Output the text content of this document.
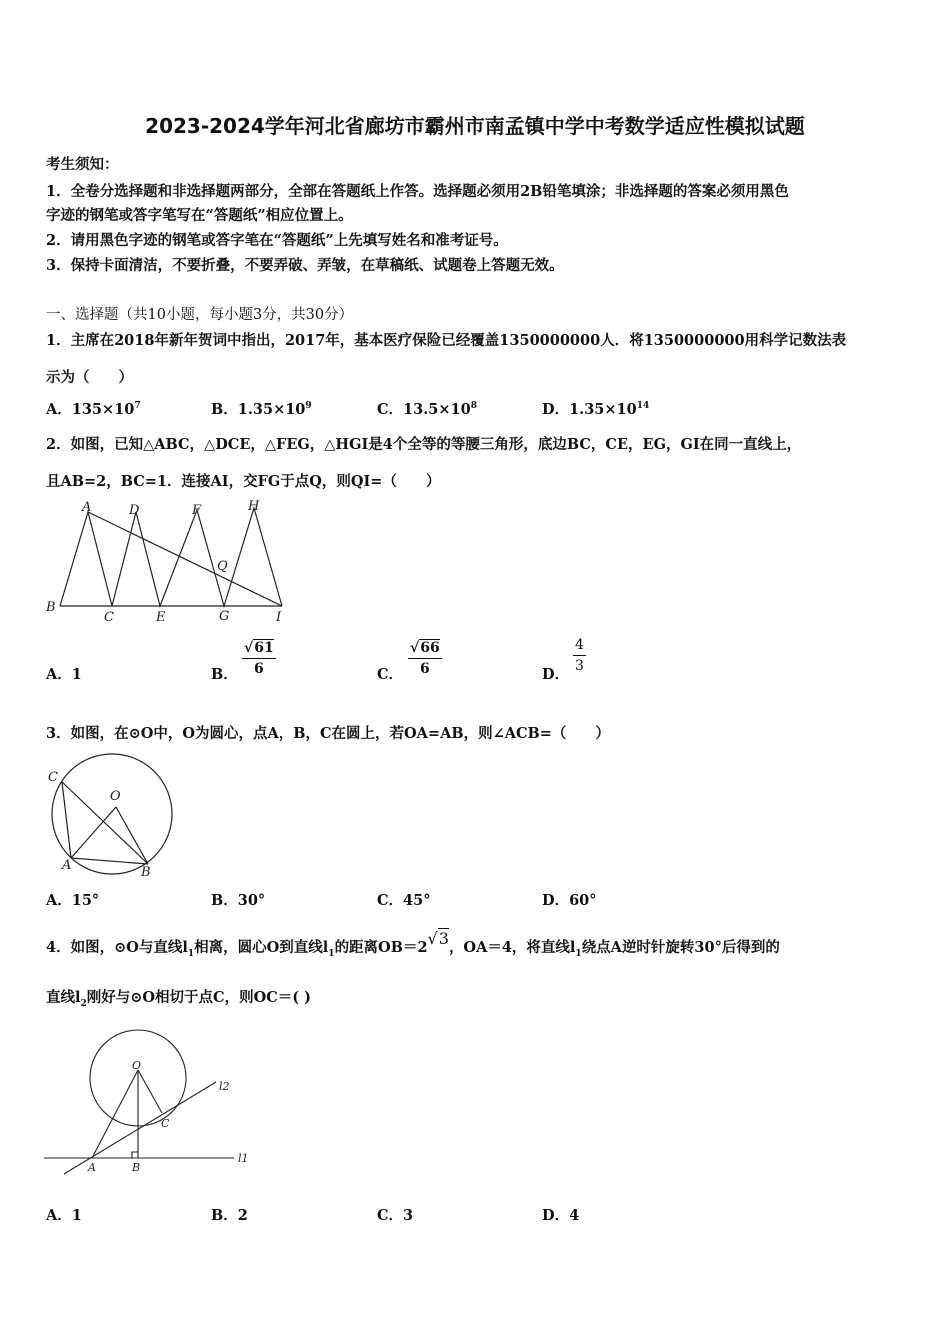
2023-2024学年河北省廊坊市霸州市南孟镇中学中考数学适应性模拟试题
考生须知：
1．全卷分选择题和非选择题两部分，全部在答题纸上作答。选择题必须用2B铅笔填涂；非选择题的答案必须用黑色
字迹的钢笔或答字笔写在“答题纸”相应位置上。
2．请用黑色字迹的钢笔或答字笔在“答题纸”上先填写姓名和准考证号。
3．保持卡面清洁，不要折叠，不要弄破、弄皱，在草稿纸、试题卷上答题无效。
一、选择题（共10小题，每小题3分，共30分）
1．主席在2018年新年贺词中指出，2017年，基本医疗保险已经覆盖1350000000人．将1350000000用科学记数法表
示为（　　）
A．$135\times 10^7$	B．$1.35\times 10^9$	C．$13.5\times 10^8$	D．$1.35\times 10^{14}$
2．如图，已知△ABC，△DCE，△FEG，△HGI是4个全等的等腰三角形，底边BC，CE，EG，GI在同一直线上，
且AB=2，BC=1．连接AI，交FG于点Q，则QI=（　　）
A	D	F	H
Q
B
C	E	G	I
A．1	B．
√61
6	C．
√66
6	D．
4
3
3．如图，在⊙O中，O为圆心，点A，B，C在圆上，若OA=AB，则∠ACB=（　　）
C
O
A	B
A．15°	B．30°	C．45°	D．60°
4．如图，⊙O与直线$l_1$相离，圆心O到直线$l_1$的距离OB＝2√3，OA＝4，将直线$l_1$绕点A逆时针旋转30°后得到的
直线$l_2$刚好与⊙O相切于点C，则OC＝( )
O
l2
C
A	B
l1
A．1	B．2	C．3	D．4
